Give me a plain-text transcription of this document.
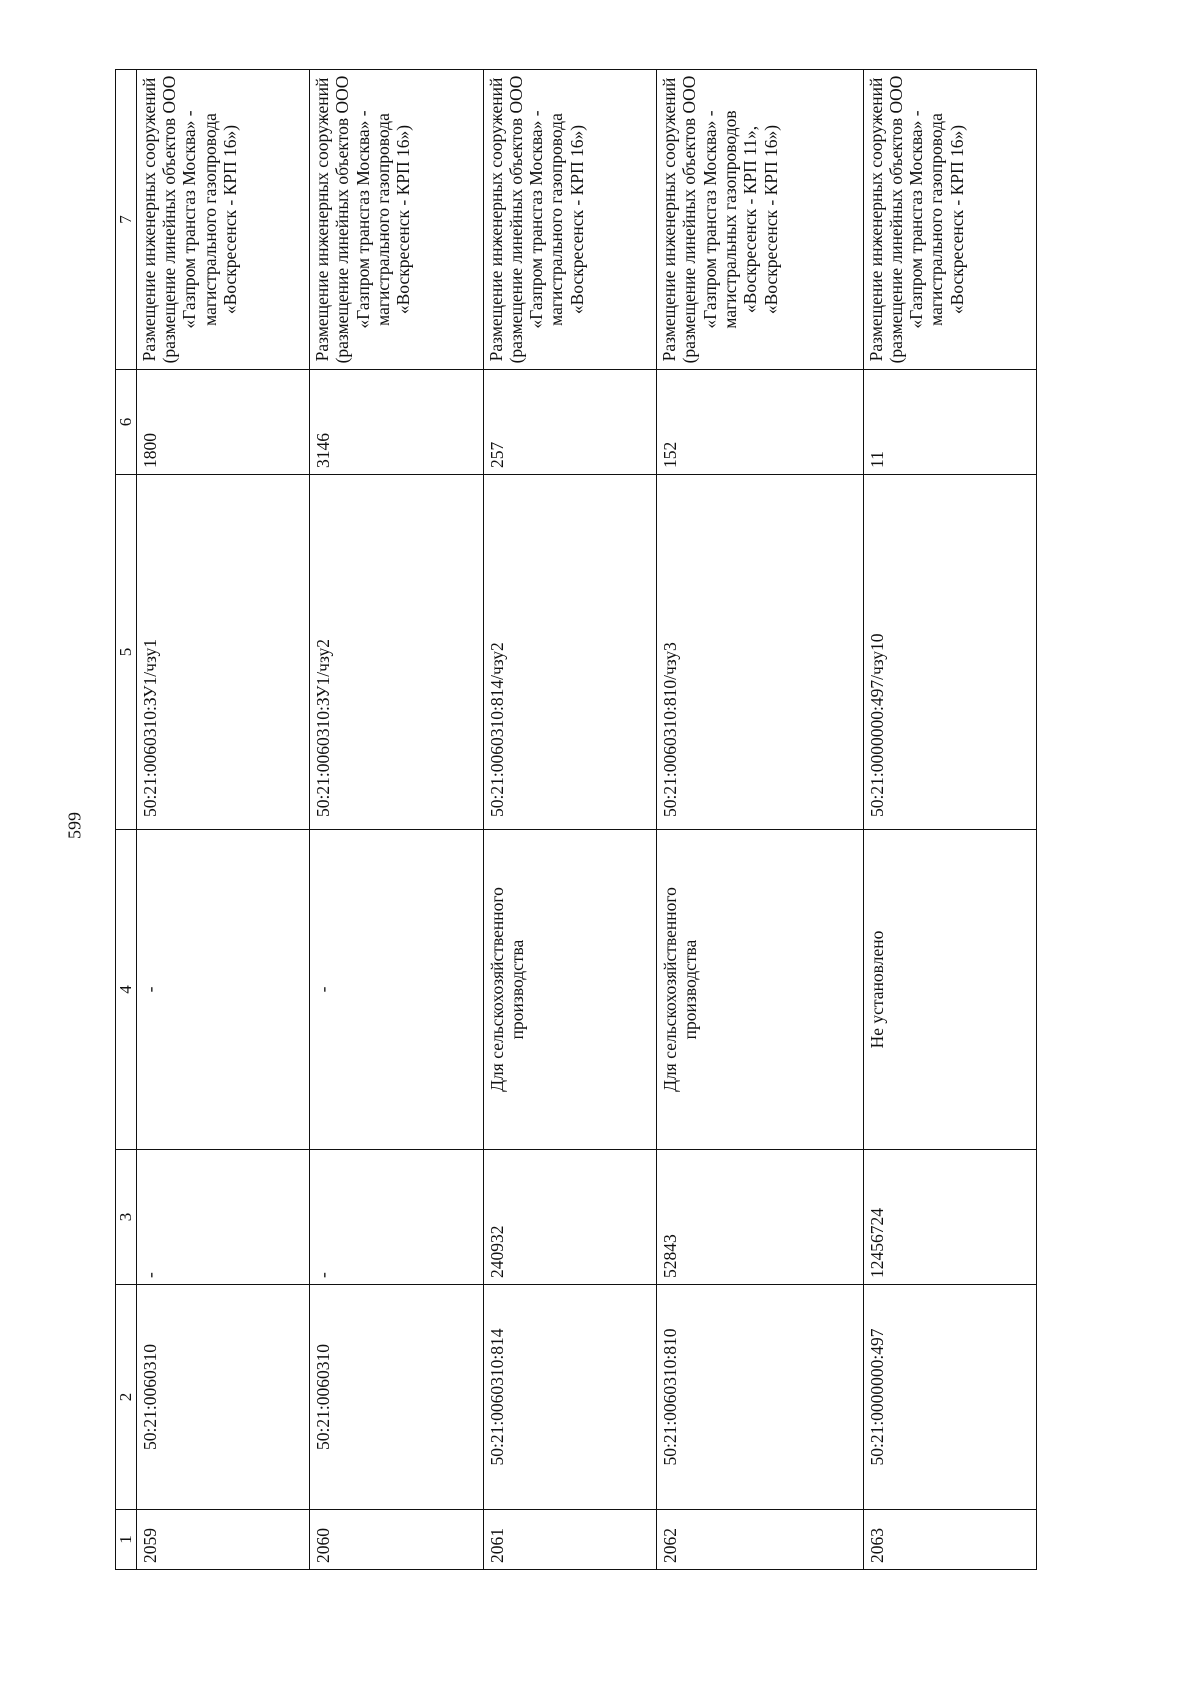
599
1	2	3	4	5	6	7
2059	50:21:0060310	-	-	50:21:0060310:ЗУ1/чзу1	1800	Размещение инженерных сооружений (размещение линейных объектов ООО «Газпром трансгаз Москва» - магистрального газопровода «Воскресенск - КРП 16»)
2060	50:21:0060310	-	-	50:21:0060310:ЗУ1/чзу2	3146	Размещение инженерных сооружений (размещение линейных объектов ООО «Газпром трансгаз Москва» - магистрального газопровода «Воскресенск - КРП 16»)
2061	50:21:0060310:814	240932	Для сельскохозяйственного производства	50:21:0060310:814/чзу2	257	Размещение инженерных сооружений (размещение линейных объектов ООО «Газпром трансгаз Москва» - магистрального газопровода «Воскресенск - КРП 16»)
2062	50:21:0060310:810	52843	Для сельскохозяйственного производства	50:21:0060310:810/чзу3	152	Размещение инженерных сооружений (размещение линейных объектов ООО «Газпром трансгаз Москва» - магистральных газопроводов «Воскресенск - КРП 11», «Воскресенск - КРП 16»)
2063	50:21:0000000:497	12456724	Не установлено	50:21:0000000:497/чзу10	11	Размещение инженерных сооружений (размещение линейных объектов ООО «Газпром трансгаз Москва» - магистрального газопровода «Воскресенск - КРП 16»)
